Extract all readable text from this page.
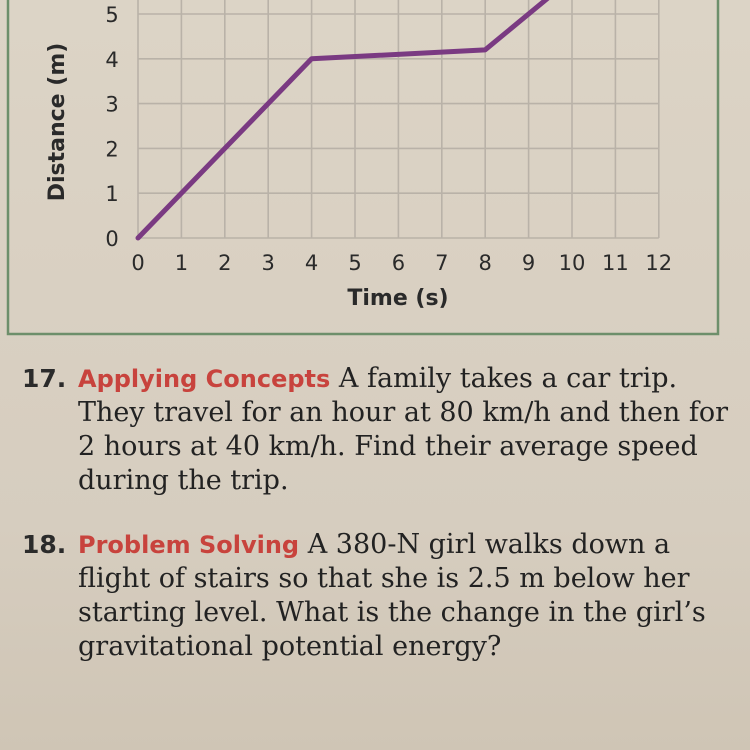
0 1 2 3 4 5 6 7 8 9 10 11 12
0
1
2
3
4
5
Time (s)
Distance (m)
17. Applying Concepts A family takes a car trip. They travel for an hour at 80 km/h and then for 2 hours at 40 km/h. Find their average speed during the trip.
18. Problem Solving A 380-N girl walks down a flight of stairs so that she is 2.5 m below her starting level. What is the change in the girl’s gravitational potential energy?
